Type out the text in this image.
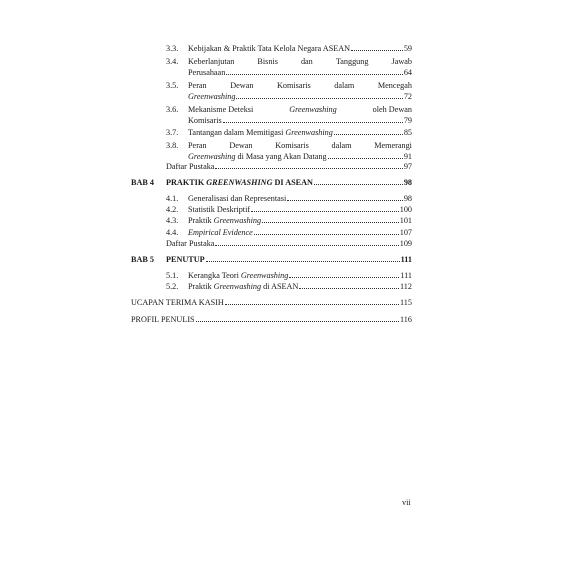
3.3.	Kebijakan & Praktik Tata Kelola Negara ASEAN	59
3.4.	Keberlanjutan	Bisnis	dan	Tanggung	Jawab
Perusahaan	64
3.5.	Peran	Dewan	Komisaris	dalam	Mencegah
Greenwashing	72
3.6.	Mekanisme Deteksi	Greenwashing	oleh Dewan
Komisaris	79
3.7.	Tantangan dalam Memitigasi Greenwashing	85
3.8.	Peran	Dewan	Komisaris	dalam	Memerangi
Greenwashing di Masa yang Akan Datang	91
Daftar Pustaka	97
BAB 4	PRAKTIK GREENWASHING DI ASEAN	98
4.1.	Generalisasi dan Representasi	98
4.2.	Statistik Deskriptif	100
4.3.	Praktik Greenwashing	101
4.4.	Empirical Evidence	107
Daftar Pustaka	109
BAB 5	PENUTUP	111
5.1.	Kerangka Teori Greenwashing	111
5.2.	Praktik Greenwashing di ASEAN	112
UCAPAN TERIMA KASIH	115
PROFIL PENULIS	116
vii
